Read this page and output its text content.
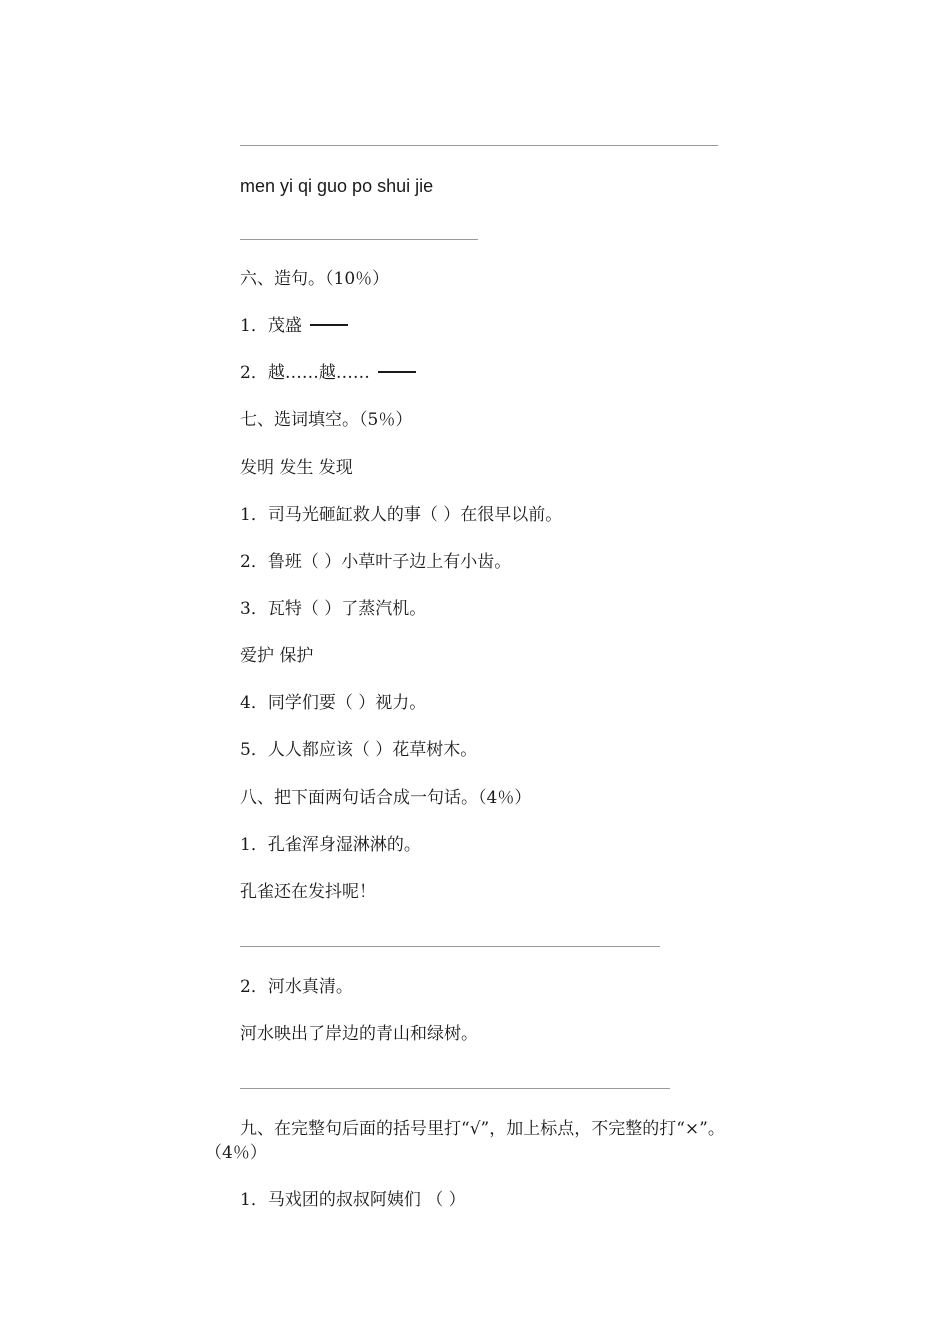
men yi qi guo po shui jie
六、造句。（10％）
1．茂盛
2．越……越……
七、选词填空。（5％）
发明 发生 发现
1．司马光砸缸救人的事（ ）在很早以前。
2．鲁班（ ）小草叶子边上有小齿。
3．瓦特（ ）了蒸汽机。
爱护 保护
4．同学们要（ ）视力。
5．人人都应该（ ）花草树木。
八、把下面两句话合成一句话。（4％）
1．孔雀浑身湿淋淋的。
孔雀还在发抖呢！
2．河水真清。
河水映出了岸边的青山和绿树。
九、在完整句后面的括号里打“√”，加上标点，不完整的打“×”。
（4％）
1．马戏团的叔叔阿姨们 （ ）
